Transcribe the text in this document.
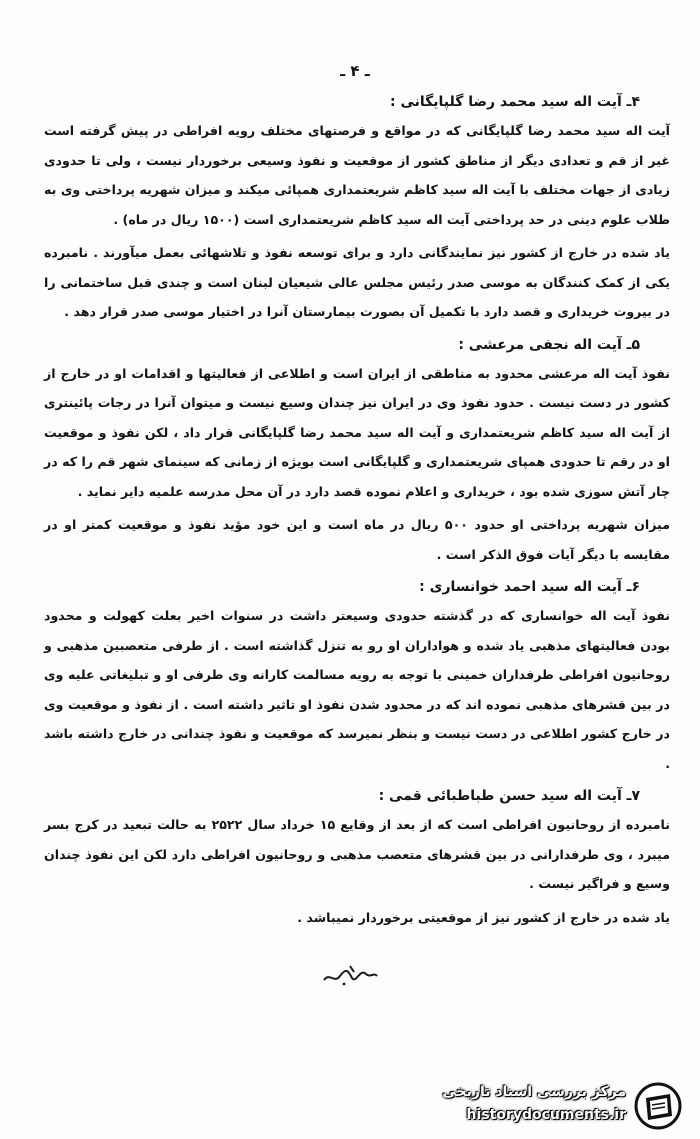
ـ ۴ ـ
۴ـ آیت اله سید محمد رضا گلپایگانی :

آیت اله سید محمد رضا گلپایگانی که در مواقع و فرصتهای مختلف رویه افراطی در پیش گرفته است غیر از قم و تعدادی دیگر از مناطق کشور از موقعیت و نفوذ وسیعی برخوردار نیست ، ولی تا حدودی زیادی از جهات مختلف با آیت اله سید کاظم شریعتمداری همپائی میکند و میزان شهریه پرداختی وی به طلاب علوم دینی در حد پرداختی آیت اله سید کاظم شریعتمداری است (۱۵۰۰ ریال در ماه) .

یاد شده در خارج از کشور نیز نمایندگانی دارد و برای توسعه نفوذ و تلاشهائی بعمل میآورند . نامبرده یکی از کمک کنندگان به موسی صدر رئیس مجلس عالی شیعیان لبنان است و چندی قبل ساختمانی را در بیروت خریداری و قصد دارد با تکمیل آن بصورت بیمارستان آنرا در اختیار موسی صدر قرار دهد .

۵ـ آیت اله نجفی مرعشی :

نفوذ آیت اله مرعشی محدود به مناطقی از ایران است و اطلاعی از فعالیتها و اقدامات او در خارج از کشور در دست نیست . حدود نفوذ وی در ایران نیز چندان وسیع نیست و میتوان آنرا در رجات پائینتری از آیت اله سید کاظم شریعتمداری و آیت اله سید محمد رضا گلپایگانی قرار داد ، لکن نفوذ و موقعیت او در رقم تا حدودی همپای شریعتمداری و گلپایگانی است بویژه از زمانی که سینمای شهر قم را که در چار آتش سوزی شده بود ، خریداری و اعلام نموده قصد دارد در آن محل مدرسه علمیه دایر نماید .

میزان شهریه پرداختی او حدود ۵۰۰ ریال در ماه است و این خود مؤید نفوذ و موقعیت کمتر او در مقایسه با دیگر آیات فوق الذکر است .

۶ـ آیت اله سید احمد خوانساری :

نفوذ آیت اله خوانساری که در گذشته حدودی وسیعتر داشت در سنوات اخیر بعلت کهولت و محدود بودن فعالیتهای مذهبی یاد شده و هواداران او رو به تنزل گذاشته است . از طرفی متعصبین مذهبی و روحانیون افراطی طرفداران خمینی با توجه به رویه مسالمت کارانه وی طرفی او و تبلیغاتی علیه وی در بین قشرهای مذهبی نموده اند که در محدود شدن نفوذ او تاثیر داشته است . از نفوذ و موقعیت وی در خارج کشور اطلاعی در دست نیست و بنظر نمیرسد که موقعیت و نفوذ چندانی در خارج داشته باشد .

۷ـ آیت اله سید حسن طباطبائی قمی :

نامبرده از روحانیون افراطی است که از بعد از وقایع ۱۵ خرداد سال ۲۵۲۲ به حالت تبعید در کرج بسر میبرد ، وی طرفدارانی در بین قشرهای متعصب مذهبی و روحانیون افراطی دارد لکن این نفوذ چندان وسیع و فراگیر نیست .

یاد شده در خارج از کشور نیز از موقعیتی برخوردار نمیباشد .

مرکز بررسی اسناد تاریخی
historydocuments.ir
